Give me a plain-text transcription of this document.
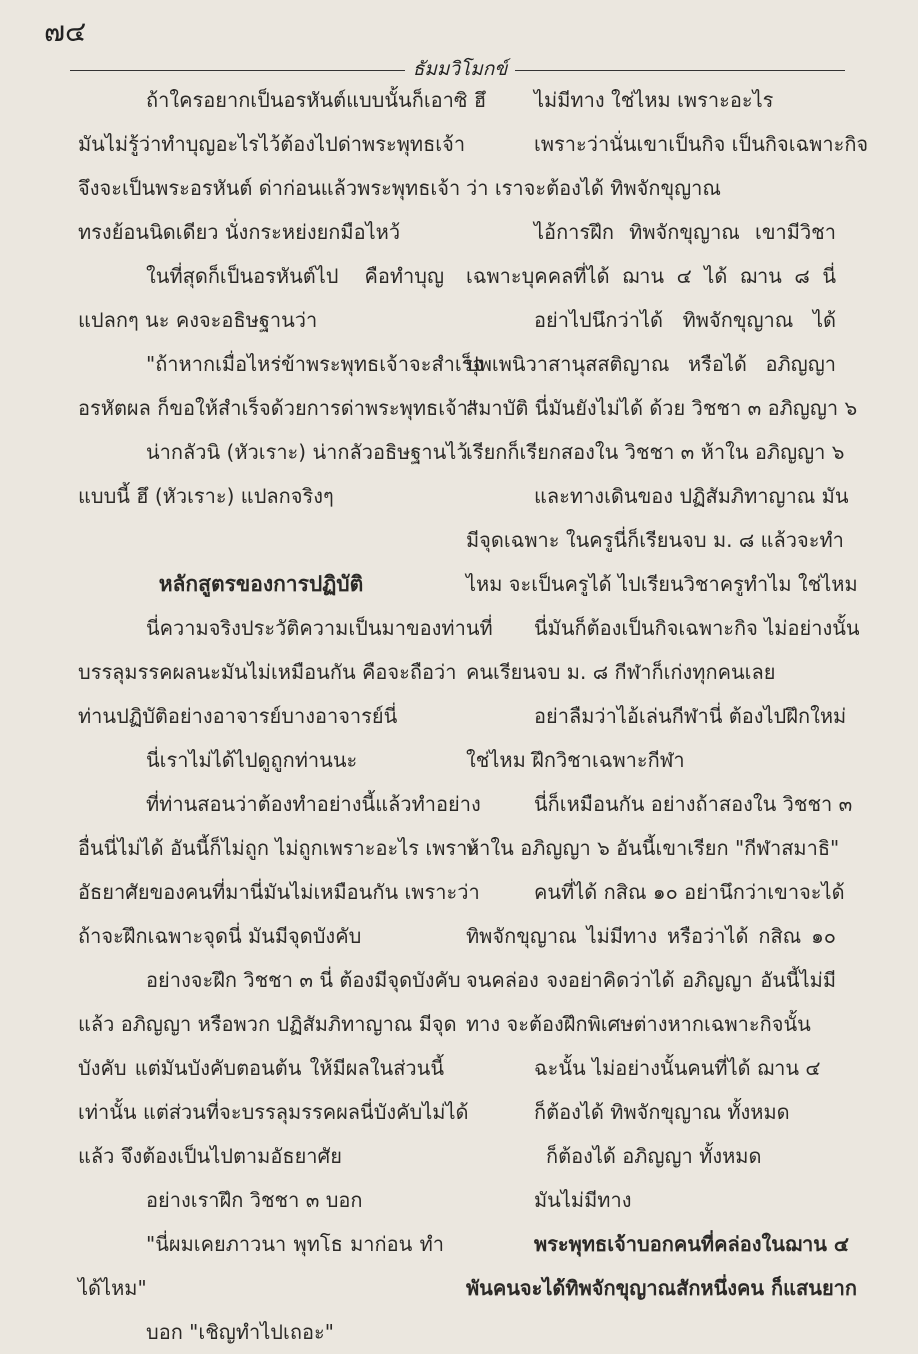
๗๔
ธัมมวิโมกข์
ถ้าใครอยากเป็นอรหันต์แบบนั้นก็เอาซิ ฮึ
มันไม่รู้ว่าทำบุญอะไรไว้ต้องไปด่าพระพุทธเจ้า
จึงจะเป็นพระอรหันต์ ด่าก่อนแล้วพระพุทธเจ้า
ทรงย้อนนิดเดียว นั่งกระหย่งยกมือไหว้
ในที่สุดก็เป็นอรหันต์ไป คือทำบุญ
แปลกๆ นะ คงจะอธิษฐานว่า
"ถ้าหากเมื่อไหร่ข้าพระพุทธเจ้าจะสำเร็จ
อรหัตผล ก็ขอให้สำเร็จด้วยการด่าพระพุทธเจ้า"
น่ากลัวนิ (หัวเราะ) น่ากลัวอธิษฐานไว้
แบบนี้ ฮึ (หัวเราะ) แปลกจริงๆ
หลักสูตรของการปฏิบัติ
นี่ความจริงประวัติความเป็นมาของท่านที่
บรรลุมรรคผลนะมันไม่เหมือนกัน คือจะถือว่า
ท่านปฏิบัติอย่างอาจารย์บางอาจารย์นี่
นี่เราไม่ได้ไปดูถูกท่านนะ
ที่ท่านสอนว่าต้องทำอย่างนี้แล้วทำอย่าง
อื่นนี่ไม่ได้ อันนี้ก็ไม่ถูก ไม่ถูกเพราะอะไร เพราะ
อัธยาศัยของคนที่มานี่มันไม่เหมือนกัน เพราะว่า
ถ้าจะฝึกเฉพาะจุดนี่ มันมีจุดบังคับ
อย่างจะฝึก วิชชา ๓ นี่ ต้องมีจุดบังคับ
แล้ว อภิญญา หรือพวก ปฏิสัมภิทาญาณ มีจุด
บังคับ แต่มันบังคับตอนต้น ให้มีผลในส่วนนี้
เท่านั้น แต่ส่วนที่จะบรรลุมรรคผลนี่บังคับไม่ได้
แล้ว จึงต้องเป็นไปตามอัธยาศัย
อย่างเราฝึก วิชชา ๓ บอก
"นี่ผมเคยภาวนา พุทโธ มาก่อน ทำ
ได้ไหม"
บอก "เชิญทำไปเถอะ"
ไม่มีทาง ใช่ไหม เพราะอะไร
เพราะว่านั่นเขาเป็นกิจ เป็นกิจเฉพาะกิจ
ว่า เราจะต้องได้ ทิพจักขุญาณ
ไอ้การฝึก ทิพจักขุญาณ เขามีวิชา
เฉพาะบุคคลที่ได้ ฌาน ๔ ได้ ฌาน ๘ นี่
อย่าไปนึกว่าได้ ทิพจักขุญาณ ได้
ปุพเพนิวาสานุสสติญาณ หรือได้ อภิญญา
สมาบัติ นี่มันยังไม่ได้ ด้วย วิชชา ๓ อภิญญา ๖
เรียกก็เรียกสองใน วิชชา ๓ ห้าใน อภิญญา ๖
และทางเดินของ ปฏิสัมภิทาญาณ มัน
มีจุดเฉพาะ ในครูนี่ก็เรียนจบ ม. ๘ แล้วจะทำ
ไหม จะเป็นครูได้ ไปเรียนวิชาครูทำไม ใช่ไหม
นี่มันก็ต้องเป็นกิจเฉพาะกิจ ไม่อย่างนั้น
คนเรียนจบ ม. ๘ กีฬาก็เก่งทุกคนเลย
อย่าลืมว่าไอ้เล่นกีฬานี่ ต้องไปฝึกใหม่
ใช่ไหม ฝึกวิชาเฉพาะกีฬา
นี่ก็เหมือนกัน อย่างถ้าสองใน วิชชา ๓
ห้าใน อภิญญา ๖ อันนี้เขาเรียก "กีฬาสมาธิ"
คนที่ได้ กสิณ ๑๐ อย่านึกว่าเขาจะได้
ทิพจักขุญาณ ไม่มีทาง หรือว่าได้ กสิณ ๑๐
จนคล่อง จงอย่าคิดว่าได้ อภิญญา อันนี้ไม่มี
ทาง จะต้องฝึกพิเศษต่างหากเฉพาะกิจนั้น
ฉะนั้น ไม่อย่างนั้นคนที่ได้ ฌาน ๔
ก็ต้องได้ ทิพจักขุญาณ ทั้งหมด
ก็ต้องได้ อภิญญา ทั้งหมด
มันไม่มีทาง
พระพุทธเจ้าบอกคนที่คล่องในฌาน ๔
พันคนจะได้ทิพจักขุญาณสักหนึ่งคน ก็แสนยาก
